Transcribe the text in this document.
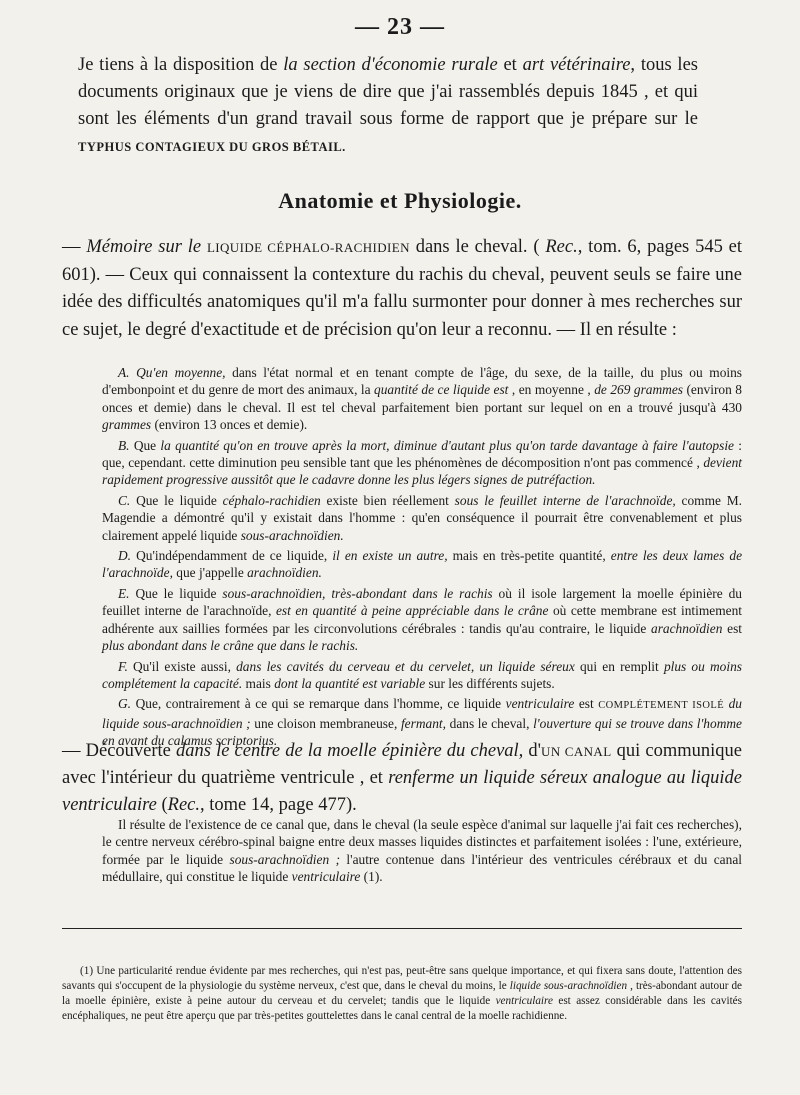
— 23 —
Je tiens à la disposition de la section d'économie rurale et art vétérinaire, tous les documents originaux que je viens de dire que j'ai rassemblés depuis 1845 , et qui sont les éléments d'un grand travail sous forme de rapport que je prépare sur le TYPHUS CONTAGIEUX DU GROS BÉTAIL.
Anatomie et Physiologie.
— Mémoire sur le LIQUIDE CÉPHALO-RACHIDIEN dans le cheval. ( Rec., tom. 6, pages 545 et 601). — Ceux qui connaissent la contexture du rachis du cheval, peuvent seuls se faire une idée des difficultés anatomiques qu'il m'a fallu surmonter pour donner à mes recherches sur ce sujet, le degré d'exactitude et de précision qu'on leur a reconnu. — Il en résulte :

A. Qu'en moyenne, dans l'état normal et en tenant compte de l'âge, du sexe, de la taille, du plus ou moins d'embonpoint et du genre de mort des animaux, la quantité de ce liquide est , en moyenne , de 269 grammes (environ 8 onces et demie) dans le cheval. Il est tel cheval parfaitement bien portant sur lequel on en a trouvé jusqu'à 430 grammes (environ 13 onces et demie).

B. Que la quantité qu'on en trouve après la mort, diminue d'autant plus qu'on tarde davantage à faire l'autopsie : que, cependant. cette diminution peu sensible tant que les phénomènes de décomposition n'ont pas commencé , devient rapidement progressive aussitôt que le cadavre donne les plus légers signes de putréfaction.

C. Que le liquide céphalo-rachidien existe bien réellement sous le feuillet interne de l'arachnoïde, comme M. Magendie a démontré qu'il y existait dans l'homme : qu'en conséquence il pourrait être convenablement et plus clairement appelé liquide sous-arachnoïdien.

D. Qu'indépendamment de ce liquide, il en existe un autre, mais en très-petite quantité, entre les deux lames de l'arachnoïde, que j'appelle arachnoïdien.

E. Que le liquide sous-arachnoïdien, très-abondant dans le rachis où il isole largement la moelle épinière du feuillet interne de l'arachnoïde, est en quantité à peine appréciable dans le crâne où cette membrane est intimement adhérente aux saillies formées par les circonvolutions cérébrales : tandis qu'au contraire, le liquide arachnoïdien est plus abondant dans le crâne que dans le rachis.

F. Qu'il existe aussi, dans les cavités du cerveau et du cervelet, un liquide séreux qui en remplit plus ou moins complétement la capacité. mais dont la quantité est variable sur les différents sujets.

G. Que, contrairement à ce qui se remarque dans l'homme, ce liquide ventriculaire est COMPLÉTEMENT ISOLÉ du liquide sous-arachnoïdien ; une cloison membraneuse, fermant, dans le cheval, l'ouverture qui se trouve dans l'homme en avant du calamus scriptorius.

— Découverte dans le centre de la moelle épinière du cheval, d'UN CANAL qui communique avec l'intérieur du quatrième ventricule , et renferme un liquide séreux analogue au liquide ventriculaire (Rec., tome 14, page 477).

Il résulte de l'existence de ce canal que, dans le cheval (la seule espèce d'animal sur laquelle j'ai fait ces recherches), le centre nerveux cérébro-spinal baigne entre deux masses liquides distinctes et parfaitement isolées : l'une, extérieure, formée par le liquide sous-arachnoïdien ; l'autre contenue dans l'intérieur des ventricules cérébraux et du canal médullaire, qui constitue le liquide ventriculaire (1).

(1) Une particularité rendue évidente par mes recherches, qui n'est pas, peut-être sans quelque importance, et qui fixera sans doute, l'attention des savants qui s'occupent de la physiologie du système nerveux, c'est que, dans le cheval du moins, le liquide sous-arachnoïdien , très-abondant autour de la moelle épinière, existe à peine autour du cerveau et du cervelet; tandis que le liquide ventriculaire est assez considérable dans les cavités encéphaliques, ne peut être aperçu que par très-petites gouttelettes dans le canal central de la moelle rachidienne.
